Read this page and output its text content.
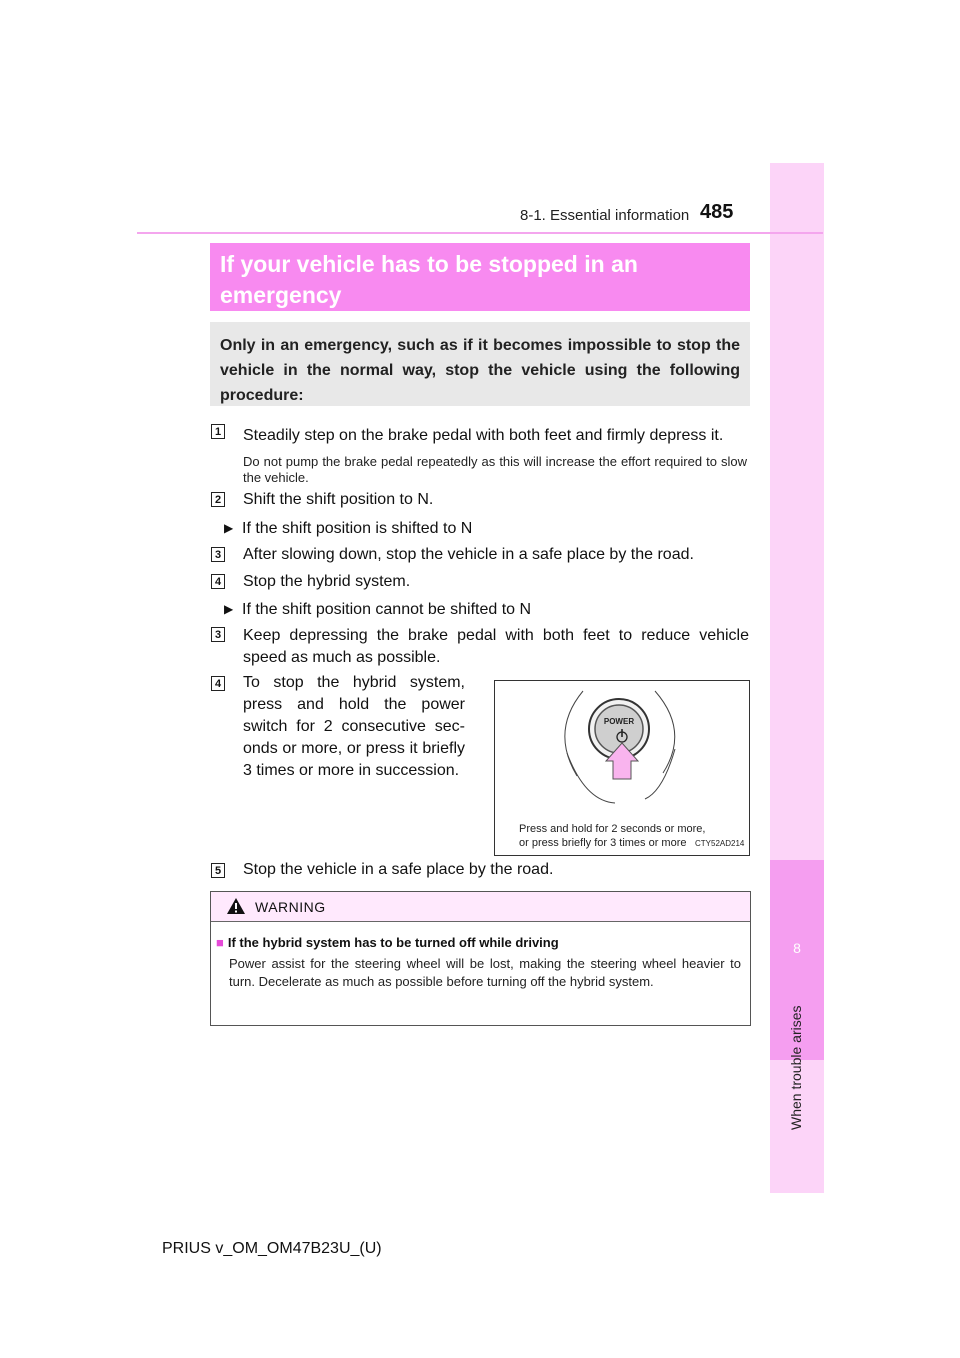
8
When trouble arises
8-1. Essential information 485
If your vehicle has to be stopped in an
emergency
Only in an emergency, such as if it becomes impossible to stop the vehicle in the normal way, stop the vehicle using the following procedure:
1 Steadily step on the brake pedal with both feet and firmly depress it.
Do not pump the brake pedal repeatedly as this will increase the effort required to slow the vehicle.
2 Shift the shift position to N.
▶ If the shift position is shifted to N
3 After slowing down, stop the vehicle in a safe place by the road.
4 Stop the hybrid system.
▶ If the shift position cannot be shifted to N
3 Keep depressing the brake pedal with both feet to reduce vehicle
speed as much as possible.
4 To stop the hybrid system,
press and hold the power
switch for 2 consecutive sec-
onds or more, or press it briefly
3 times or more in succession.
POWER
Press and hold for 2 seconds or more,
or press briefly for 3 times or more	CTY52AD214
5 Stop the vehicle in a safe place by the road.
WARNING
■ If the hybrid system has to be turned off while driving
Power assist for the steering wheel will be lost, making the steering wheel heavier to turn. Decelerate as much as possible before turning off the hybrid system.
PRIUS v_OM_OM47B23U_(U)
